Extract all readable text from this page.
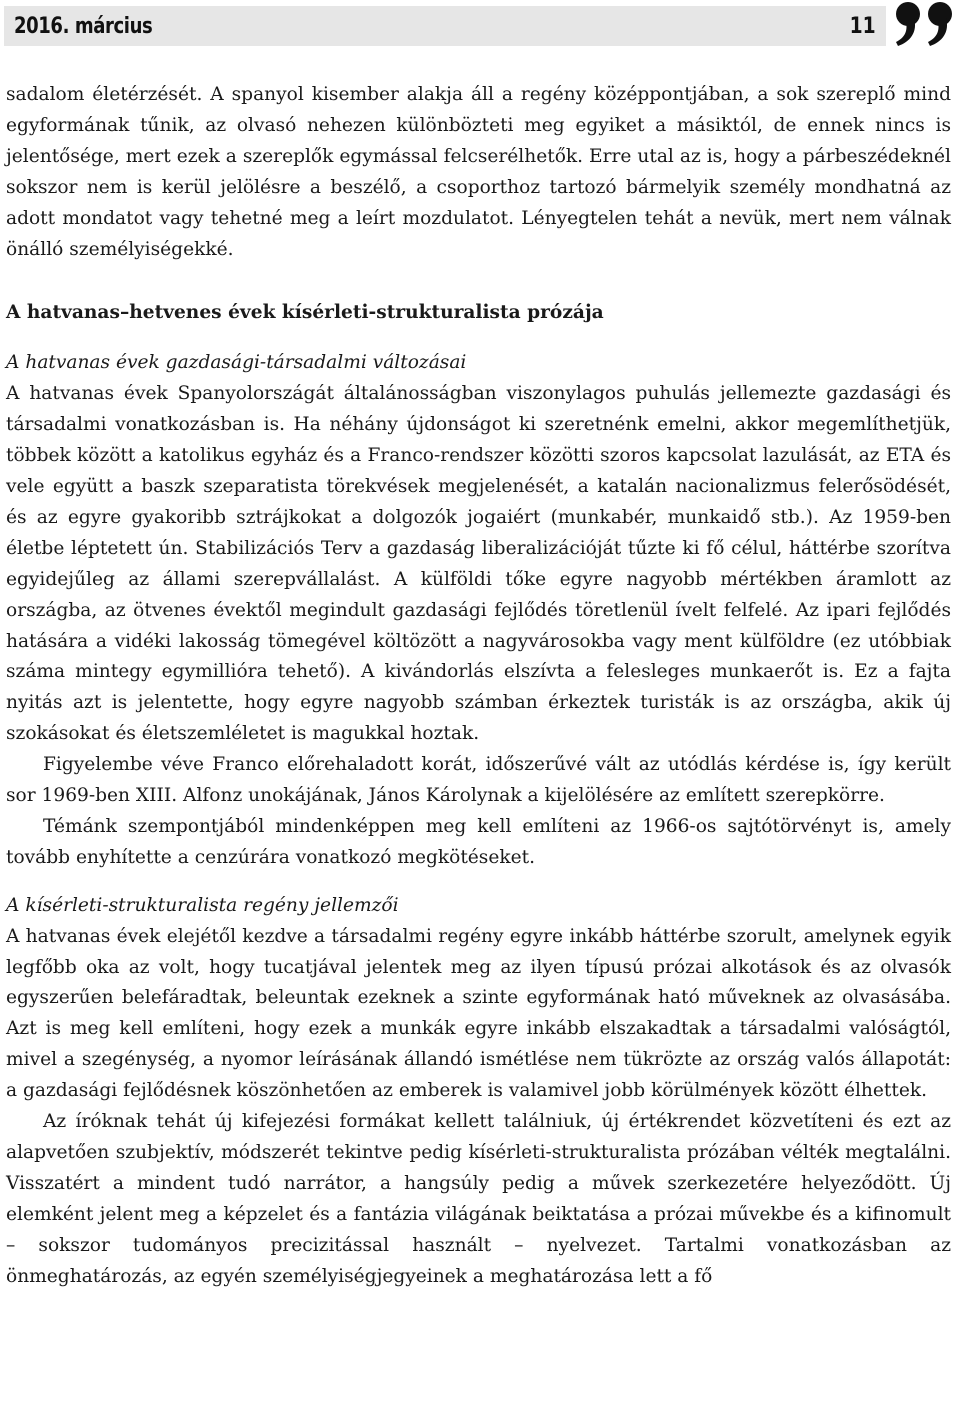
2016. március	11

sadalom életérzését. A spanyol kisember alakja áll a regény középpontjában, a sok szereplő mind egyformának tűnik, az olvasó nehezen különbözteti meg egyiket a másiktól, de ennek nincs is jelentősége, mert ezek a szereplők egymással felcserélhetők. Erre utal az is, hogy a párbeszédeknél sokszor nem is kerül jelölésre a beszélő, a csoporthoz tartozó bármelyik személy mondhatná az adott mondatot vagy tehetné meg a leírt mozdulatot. Lényegtelen tehát a nevük, mert nem válnak önálló személyiségekké.

A hatvanas–hetvenes évek kísérleti-strukturalista prózája

A hatvanas évek gazdasági-társadalmi változásai

A hatvanas évek Spanyolországát általánosságban viszonylagos puhulás jellemezte gazdasági és társadalmi vonatkozásban is. Ha néhány újdonságot ki szeretnénk emelni, akkor megemlíthetjük, többek között a katolikus egyház és a Franco-rendszer közötti szoros kapcsolat lazulását, az ETA és vele együtt a baszk szeparatista törekvések megjelenését, a katalán nacionalizmus felerősödését, és az egyre gyakoribb sztrájkokat a dolgozók jogaiért (munkabér, munkaidő stb.). Az 1959-ben életbe léptetett ún. Stabilizációs Terv a gazdaság liberalizációját tűzte ki fő célul, háttérbe szorítva egyidejűleg az állami szerepvállalást. A külföldi tőke egyre nagyobb mértékben áramlott az országba, az ötvenes évektől megindult gazdasági fejlődés töretlenül ívelt felfelé. Az ipari fejlődés hatására a vidéki lakosság tömegével költözött a nagyvárosokba vagy ment külföldre (ez utóbbiak száma mintegy egymillióra tehető). A kivándorlás elszívta a felesleges munkaerőt is. Ez a fajta nyitás azt is jelentette, hogy egyre nagyobb számban érkeztek turisták is az országba, akik új szokásokat és életszemléletet is magukkal hoztak.

Figyelembe véve Franco előrehaladott korát, időszerűvé vált az utódlás kérdése is, így került sor 1969-ben XIII. Alfonz unokájának, János Károlynak a kijelölésére az említett szerepkörre.

Témánk szempontjából mindenképpen meg kell említeni az 1966-os sajtótörvényt is, amely tovább enyhítette a cenzúrára vonatkozó megkötéseket.

A kísérleti-strukturalista regény jellemzői

A hatvanas évek elejétől kezdve a társadalmi regény egyre inkább háttérbe szorult, amelynek egyik legfőbb oka az volt, hogy tucatjával jelentek meg az ilyen típusú prózai alkotások és az olvasók egyszerűen belefáradtak, beleuntak ezeknek a szinte egyformának ható műveknek az olvasásába. Azt is meg kell említeni, hogy ezek a munkák egyre inkább elszakadtak a társadalmi valóságtól, mivel a szegénység, a nyomor leírásának állandó ismétlése nem tükrözte az ország valós állapotát: a gazdasági fejlődésnek köszönhetően az emberek is valamivel jobb körülmények között élhettek.

Az íróknak tehát új kifejezési formákat kellett találniuk, új értékrendet közvetíteni és ezt az alapvetően szubjektív, módszerét tekintve pedig kísérleti-strukturalista prózában vélték megtalálni. Visszatért a mindent tudó narrátor, a hangsúly pedig a művek szerkezetére helyeződött. Új elemként jelent meg a képzelet és a fantázia világának beiktatása a prózai művekbe és a kifinomult – sokszor tudományos precizitással használt – nyelvezet. Tartalmi vonatkozásban az önmeghatározás, az egyén személyiségjegyeinek a meghatározása lett a fő
